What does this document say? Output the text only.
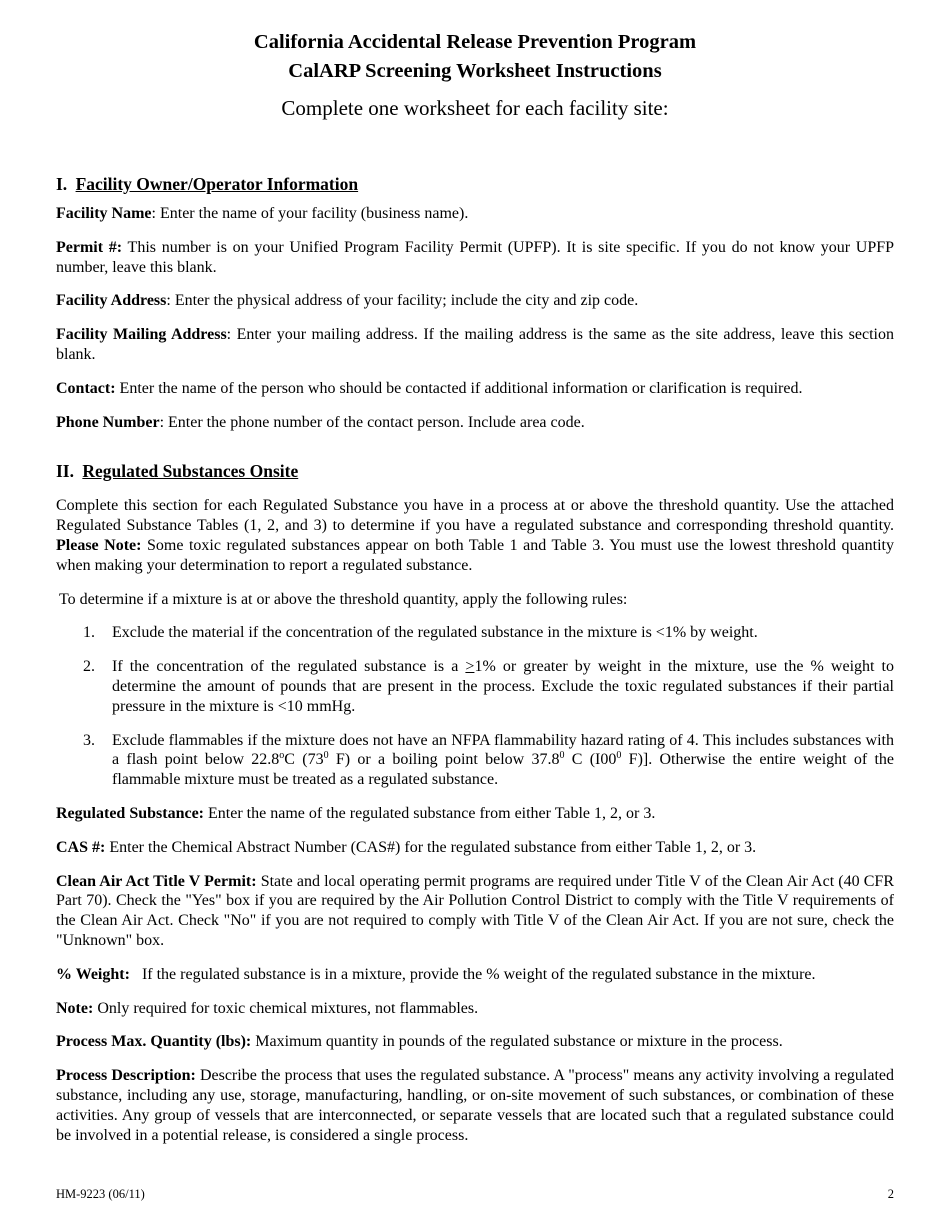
California Accidental Release Prevention Program

CalARP Screening Worksheet Instructions

Complete one worksheet for each facility site:

I. Facility Owner/Operator Information

Facility Name: Enter the name of your facility (business name).

Permit #: This number is on your Unified Program Facility Permit (UPFP). It is site specific. If you do not know your UPFP number, leave this blank.

Facility Address: Enter the physical address of your facility; include the city and zip code.

Facility Mailing Address: Enter your mailing address. If the mailing address is the same as the site address, leave this section blank.

Contact: Enter the name of the person who should be contacted if additional information or clarification is required.

Phone Number: Enter the phone number of the contact person. Include area code.

II. Regulated Substances Onsite

Complete this section for each Regulated Substance you have in a process at or above the threshold quantity. Use the attached Regulated Substance Tables (1, 2, and 3) to determine if you have a regulated substance and corresponding threshold quantity. Please Note: Some toxic regulated substances appear on both Table 1 and Table 3. You must use the lowest threshold quantity when making your determination to report a regulated substance.

To determine if a mixture is at or above the threshold quantity, apply the following rules:

1. Exclude the material if the concentration of the regulated substance in the mixture is <1% by weight.
2. If the concentration of the regulated substance is a ≥1% or greater by weight in the mixture, use the % weight to determine the amount of pounds that are present in the process. Exclude the toxic regulated substances if their partial pressure in the mixture is <10 mmHg.
3. Exclude flammables if the mixture does not have an NFPA flammability hazard rating of 4. This includes substances with a flash point below 22.8$^o$C ($73^0$ F) or a boiling point below 37.8$^0$ C ($I00^0$ F)]. Otherwise the entire weight of the flammable mixture must be treated as a regulated substance.

Regulated Substance: Enter the name of the regulated substance from either Table 1, 2, or 3.

CAS #: Enter the Chemical Abstract Number (CAS#) for the regulated substance from either Table 1, 2, or 3.

Clean Air Act Title V Permit: State and local operating permit programs are required under Title V of the Clean Air Act (40 CFR Part 70). Check the "Yes" box if you are required by the Air Pollution Control District to comply with the Title V requirements of the Clean Air Act. Check "No" if you are not required to comply with Title V of the Clean Air Act. If you are not sure, check the "Unknown" box.

% Weight:   If the regulated substance is in a mixture, provide the % weight of the regulated substance in the mixture.

Note: Only required for toxic chemical mixtures, not flammables.

Process Max. Quantity (lbs): Maximum quantity in pounds of the regulated substance or mixture in the process.

Process Description: Describe the process that uses the regulated substance. A "process" means any activity involving a regulated substance, including any use, storage, manufacturing, handling, or on-site movement of such substances, or combination of these activities. Any group of vessels that are interconnected, or separate vessels that are located such that a regulated substance could be involved in a potential release, is considered a single process.

HM-9223 (06/11)	2
